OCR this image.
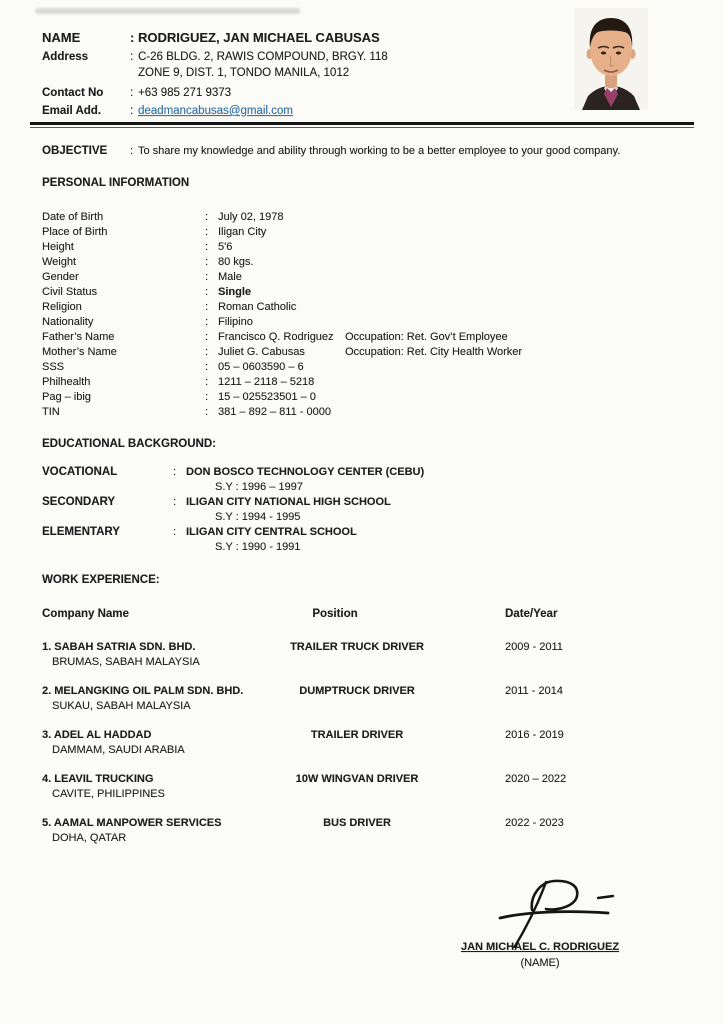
NAME	: RODRIGUEZ, JAN MICHAEL CABUSAS
Address	: C-26 BLDG. 2, RAWIS COMPOUND, BRGY. 118
ZONE 9, DIST. 1, TONDO MANILA, 1012
Contact No : +63 985 271 9373
Email Add.	: deadmancabusas@gmail.com
OBJECTIVE : To share my knowledge and ability through working to be a better employee to your good company.
PERSONAL INFORMATION
Date of Birth	: July 02, 1978
Place of Birth	: Iligan City
Height	: 5'6
Weight	: 80 kgs.
Gender	: Male
Civil Status	: Single
Religion	: Roman Catholic
Nationality	: Filipino
Father’s Name	: Francisco Q. Rodriguez Occupation: Ret. Gov’t Employee
Mother’s Name	: Juliet G. Cabusas	Occupation: Ret. City Health Worker
SSS	: 05 – 0603590 – 6
Philhealth	: 1211 – 2118 – 5218
Pag – ibig	: 15 – 025523501 – 0
TIN	: 381 – 892 – 811 - 0000
EDUCATIONAL BACKGROUND:
VOCATIONAL	: DON BOSCO TECHNOLOGY CENTER (CEBU)
S.Y : 1996 – 1997
SECONDARY	: ILIGAN CITY NATIONAL HIGH SCHOOL
S.Y : 1994 - 1995
ELEMENTARY	: ILIGAN CITY CENTRAL SCHOOL
S.Y : 1990 - 1991
WORK EXPERIENCE:
Company Name	Position	Date/Year
1. SABAH SATRIA SDN. BHD.
BRUMAS, SABAH MALAYSIA
TRAILER TRUCK DRIVER	2009 - 2011
2. MELANGKING OIL PALM SDN. BHD.
SUKAU, SABAH MALAYSIA
DUMPTRUCK DRIVER	2011 - 2014
3. ADEL AL HADDAD
DAMMAM, SAUDI ARABIA
TRAILER DRIVER	2016 - 2019
4. LEAVIL TRUCKING
CAVITE, PHILIPPINES
10W WINGVAN DRIVER	2020 – 2022
5. AAMAL MANPOWER SERVICES
DOHA, QATAR
BUS DRIVER	2022 - 2023
JAN MICHAEL C. RODRIGUEZ
(NAME)
